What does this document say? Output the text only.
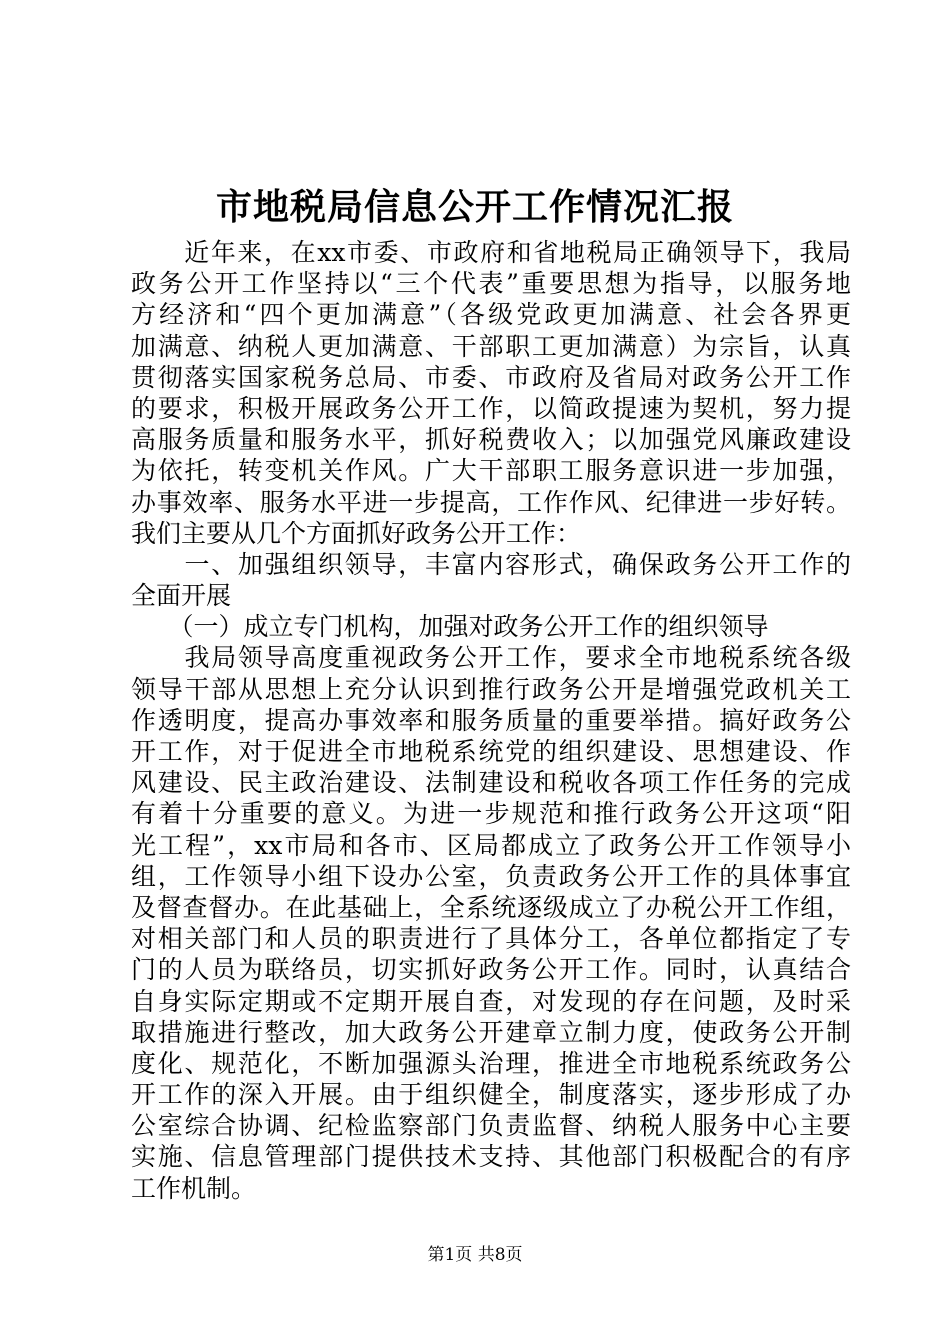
市地税局信息公开工作情况汇报
　　近年来，在xx市委、市政府和省地税局正确领导下，我局
政务公开工作坚持以“三个代表”重要思想为指导，以服务地
方经济和“四个更加满意”（各级党政更加满意、社会各界更
加满意、纳税人更加满意、干部职工更加满意）为宗旨，认真
贯彻落实国家税务总局、市委、市政府及省局对政务公开工作
的要求，积极开展政务公开工作，以简政提速为契机，努力提
高服务质量和服务水平，抓好税费收入；以加强党风廉政建设
为依托，转变机关作风。广大干部职工服务意识进一步加强，
办事效率、服务水平进一步提高，工作作风、纪律进一步好转。
我们主要从几个方面抓好政务公开工作：
　　一、加强组织领导，丰富内容形式，确保政务公开工作的
全面开展
　　（一）成立专门机构，加强对政务公开工作的组织领导
　　我局领导高度重视政务公开工作，要求全市地税系统各级
领导干部从思想上充分认识到推行政务公开是增强党政机关工
作透明度，提高办事效率和服务质量的重要举措。搞好政务公
开工作，对于促进全市地税系统党的组织建设、思想建设、作
风建设、民主政治建设、法制建设和税收各项工作任务的完成
有着十分重要的意义。为进一步规范和推行政务公开这项“阳
光工程”，xx市局和各市、区局都成立了政务公开工作领导小
组，工作领导小组下设办公室，负责政务公开工作的具体事宜
及督查督办。在此基础上，全系统逐级成立了办税公开工作组，
对相关部门和人员的职责进行了具体分工，各单位都指定了专
门的人员为联络员，切实抓好政务公开工作。同时，认真结合
自身实际定期或不定期开展自查，对发现的存在问题，及时采
取措施进行整改，加大政务公开建章立制力度，使政务公开制
度化、规范化，不断加强源头治理，推进全市地税系统政务公
开工作的深入开展。由于组织健全，制度落实，逐步形成了办
公室综合协调、纪检监察部门负责监督、纳税人服务中心主要
实施、信息管理部门提供技术支持、其他部门积极配合的有序
工作机制。
第1页 共8页
